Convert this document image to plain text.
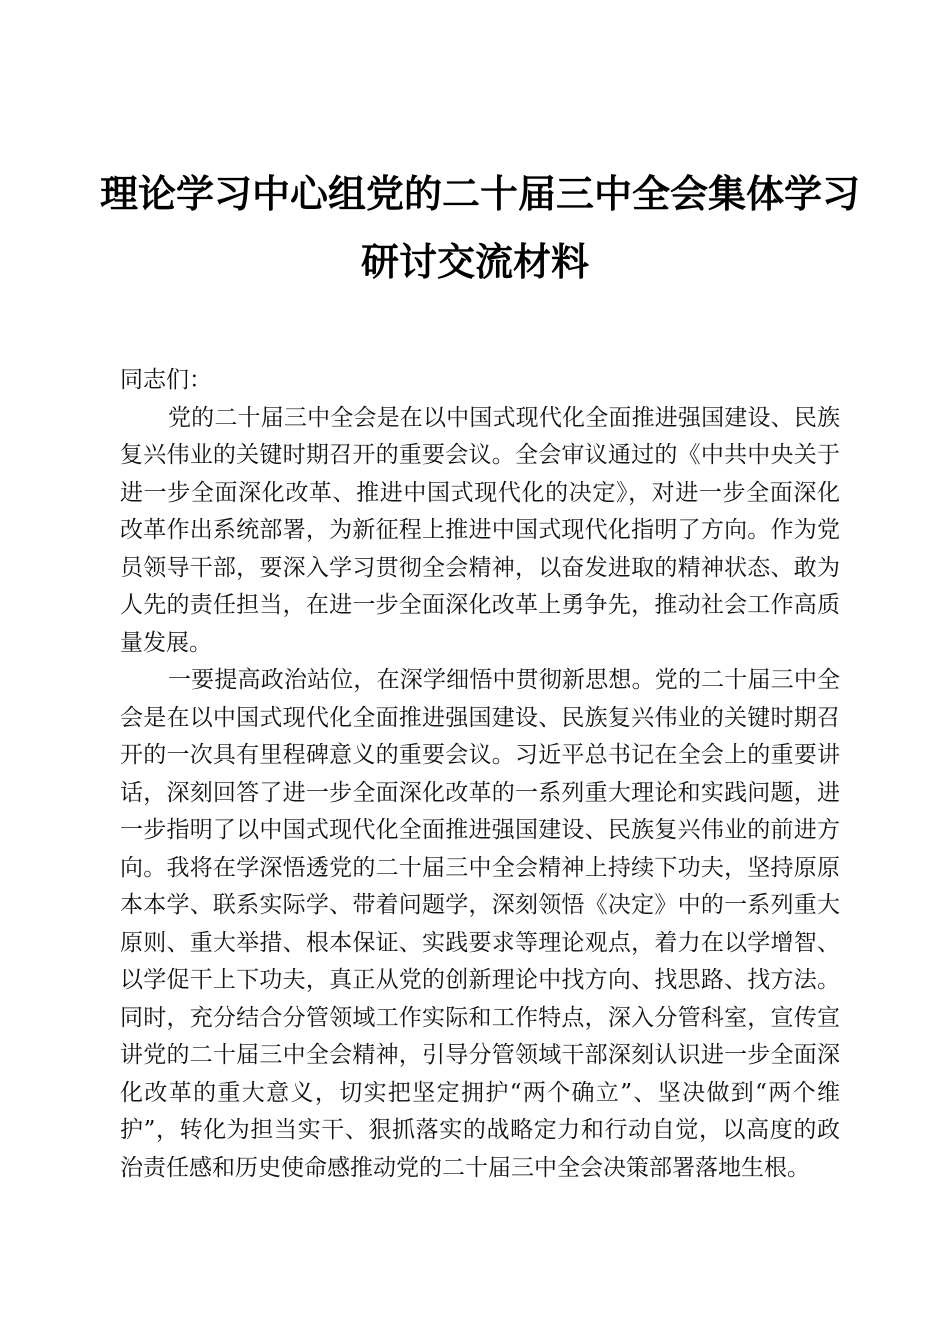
理论学习中心组党的二十届三中全会集体学习
研讨交流材料

同志们：

党的二十届三中全会是在以中国式现代化全面推进强国建设、民族复兴伟业的关键时期召开的重要会议。全会审议通过的《中共中央关于进一步全面深化改革、推进中国式现代化的决定》，对进一步全面深化改革作出系统部署，为新征程上推进中国式现代化指明了方向。作为党员领导干部，要深入学习贯彻全会精神，以奋发进取的精神状态、敢为人先的责任担当，在进一步全面深化改革上勇争先，推动社会工作高质量发展。

一要提高政治站位，在深学细悟中贯彻新思想。党的二十届三中全会是在以中国式现代化全面推进强国建设、民族复兴伟业的关键时期召开的一次具有里程碑意义的重要会议。习近平总书记在全会上的重要讲话，深刻回答了进一步全面深化改革的一系列重大理论和实践问题，进一步指明了以中国式现代化全面推进强国建设、民族复兴伟业的前进方向。我将在学深悟透党的二十届三中全会精神上持续下功夫，坚持原原本本学、联系实际学、带着问题学，深刻领悟《决定》中的一系列重大原则、重大举措、根本保证、实践要求等理论观点，着力在以学增智、以学促干上下功夫，真正从党的创新理论中找方向、找思路、找方法。同时，充分结合分管领域工作实际和工作特点，深入分管科室，宣传宣讲党的二十届三中全会精神，引导分管领域干部深刻认识进一步全面深化改革的重大意义，切实把坚定拥护“两个确立”、坚决做到“两个维护”，转化为担当实干、狠抓落实的战略定力和行动自觉，以高度的政治责任感和历史使命感推动党的二十届三中全会决策部署落地生根。
